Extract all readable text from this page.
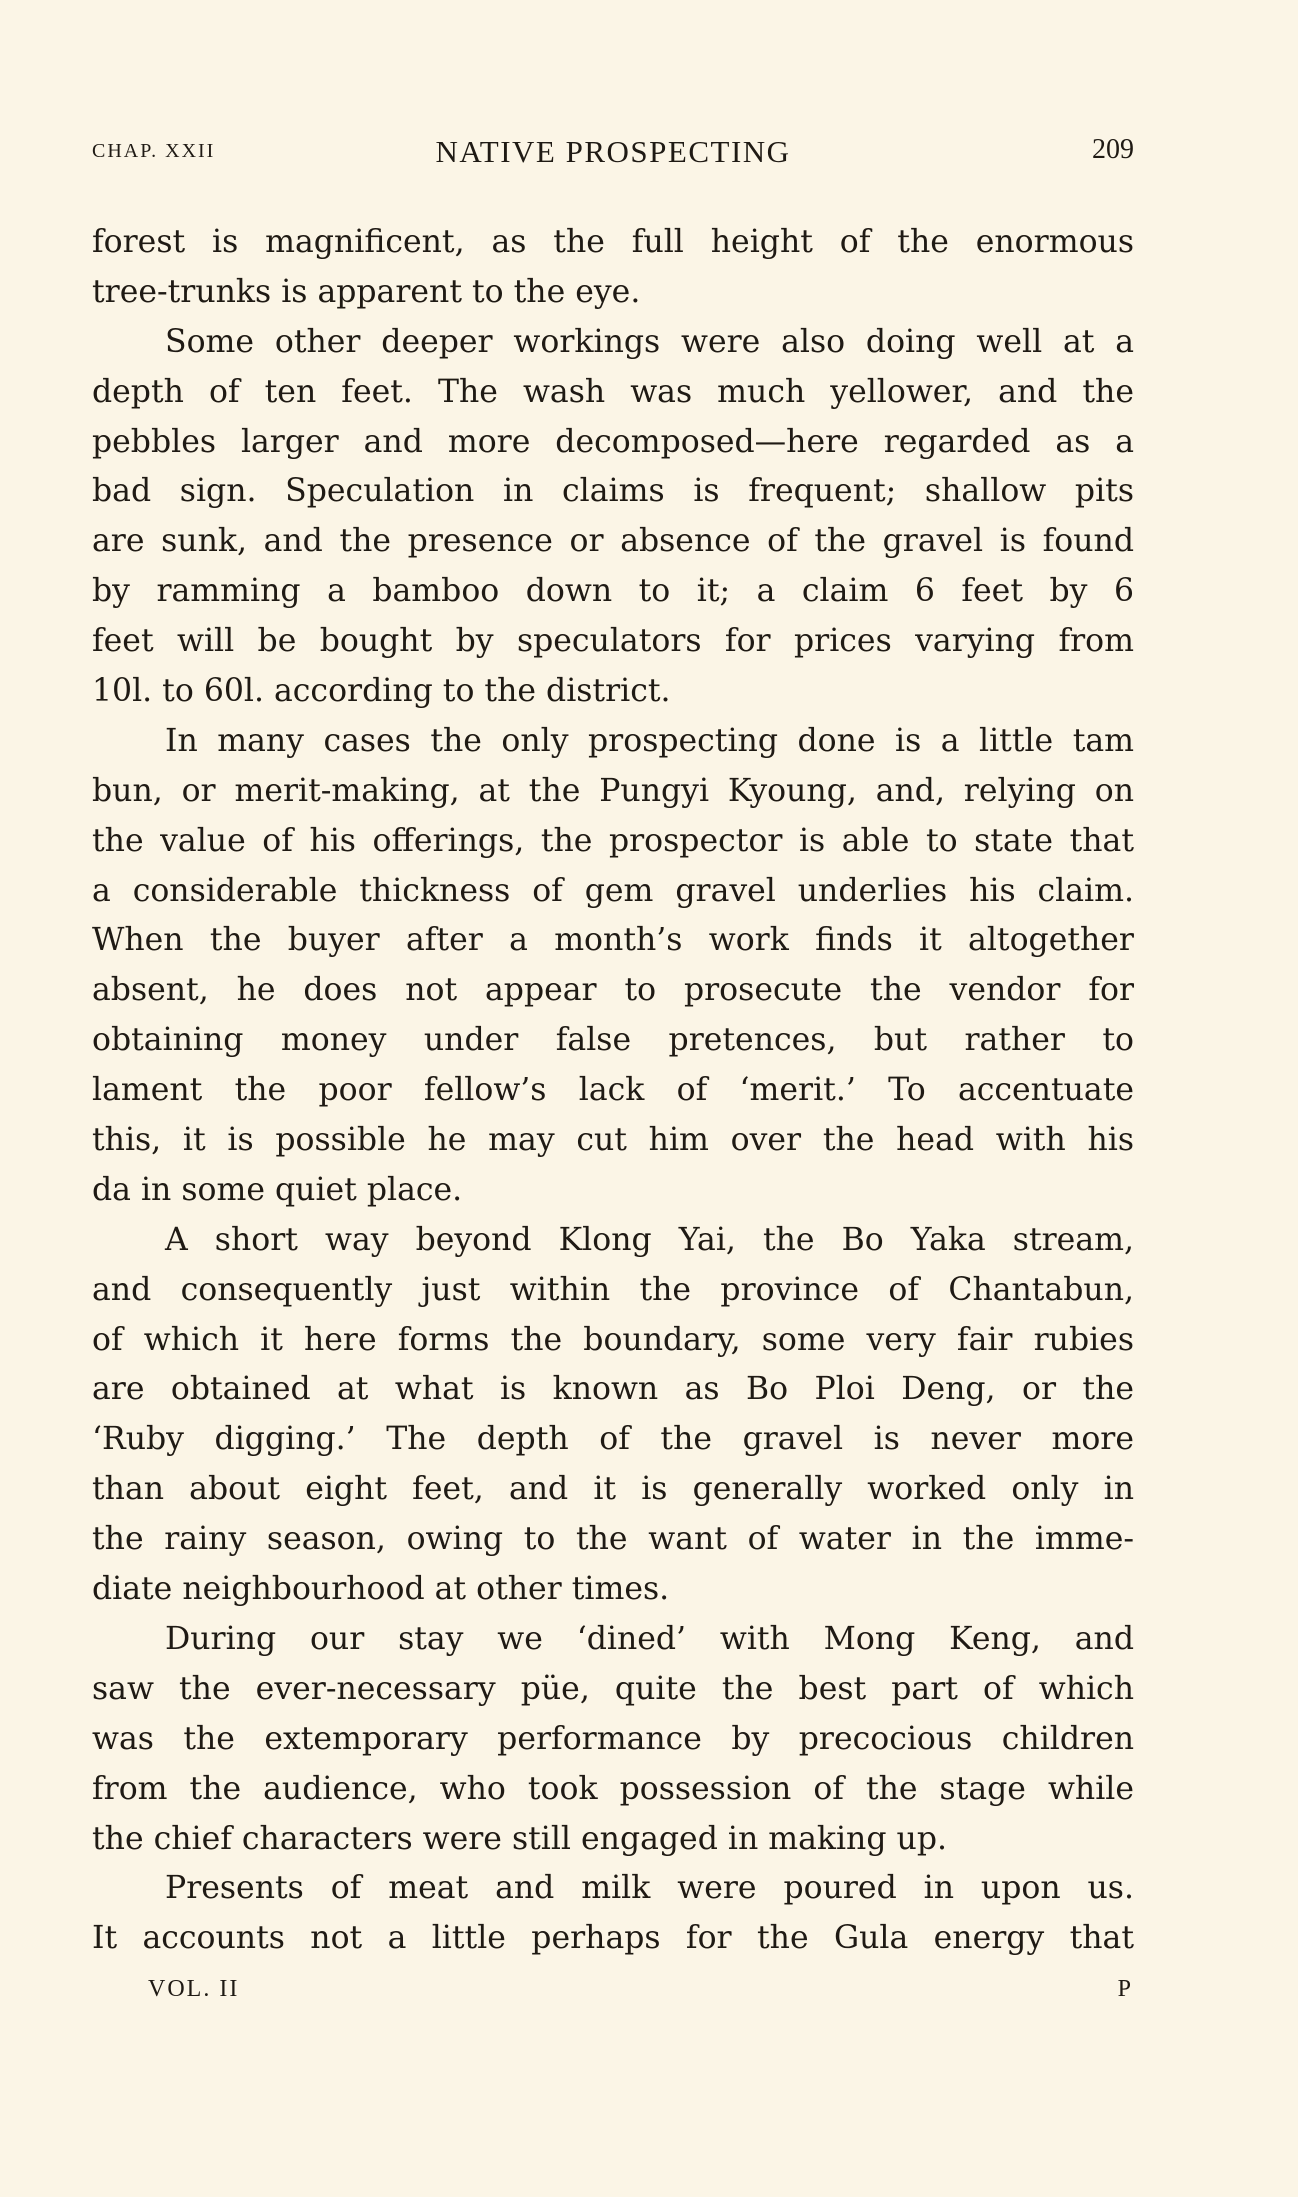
CHAP. XXII	NATIVE PROSPECTING	209
forest is magnificent, as the full height of the enormous
tree-trunks is apparent to the eye.
Some other deeper workings were also doing well at a
depth of ten feet. The wash was much yellower, and the
pebbles larger and more decomposed—here regarded as a
bad sign. Speculation in claims is frequent; shallow pits
are sunk, and the presence or absence of the gravel is found
by ramming a bamboo down to it; a claim 6 feet by 6
feet will be bought by speculators for prices varying from
10l. to 60l. according to the district.
In many cases the only prospecting done is a little tam
bun, or merit-making, at the Pungyi Kyoung, and, relying on
the value of his offerings, the prospector is able to state that
a considerable thickness of gem gravel underlies his claim.
When the buyer after a month’s work finds it altogether
absent, he does not appear to prosecute the vendor for
obtaining money under false pretences, but rather to
lament the poor fellow’s lack of ‘merit.’ To accentuate
this, it is possible he may cut him over the head with his
da in some quiet place.
A short way beyond Klong Yai, the Bo Yaka stream,
and consequently just within the province of Chantabun,
of which it here forms the boundary, some very fair rubies
are obtained at what is known as Bo Ploi Deng, or the
‘Ruby digging.’ The depth of the gravel is never more
than about eight feet, and it is generally worked only in
the rainy season, owing to the want of water in the imme-
diate neighbourhood at other times.
During our stay we ‘dined’ with Mong Keng, and
saw the ever-necessary püe, quite the best part of which
was the extemporary performance by precocious children
from the audience, who took possession of the stage while
the chief characters were still engaged in making up.
Presents of meat and milk were poured in upon us.
It accounts not a little perhaps for the Gula energy that
VOL. II	P
